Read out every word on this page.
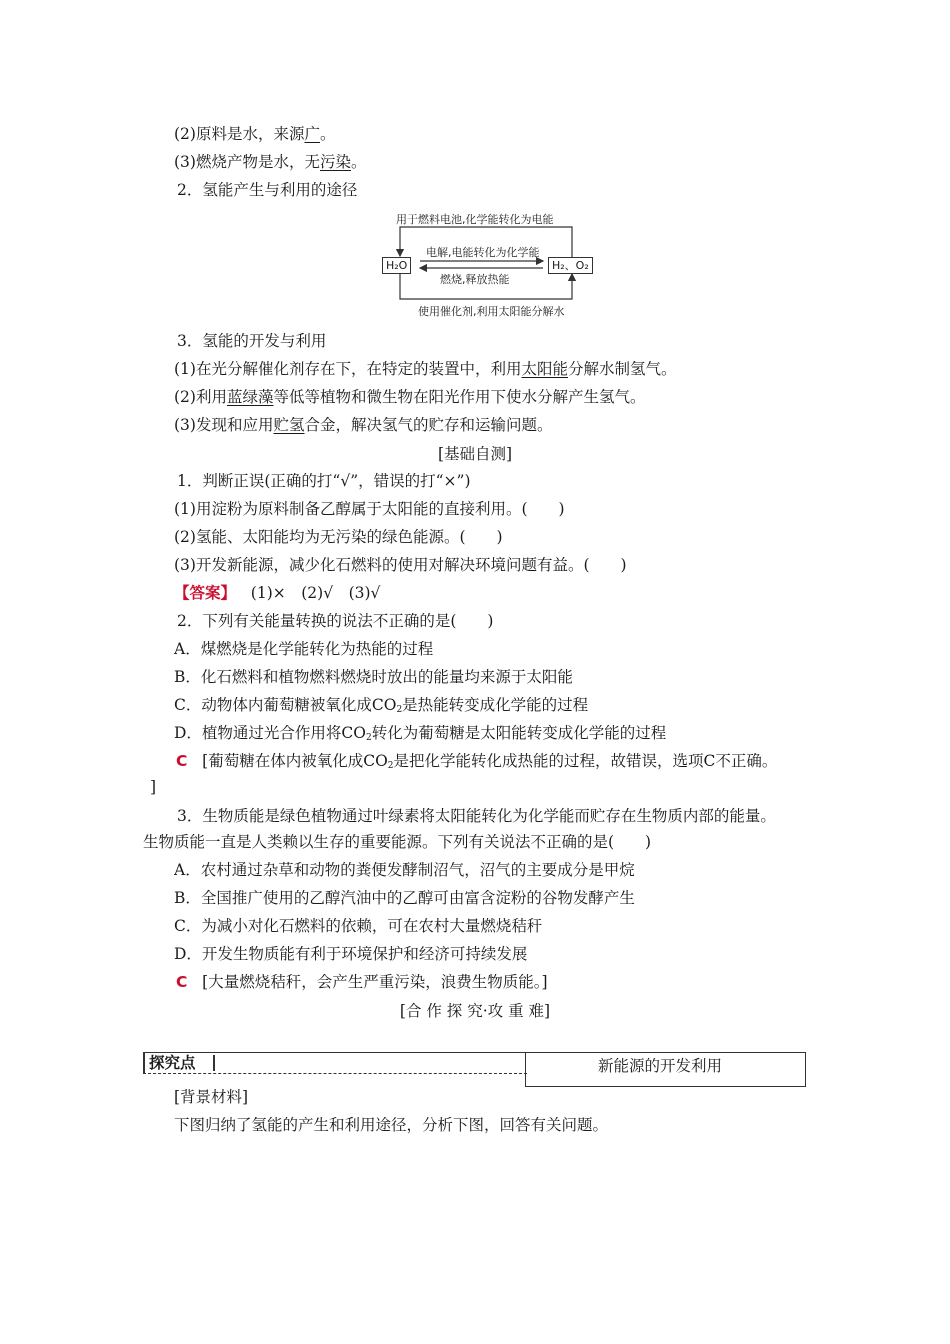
(2)原料是水，来源广。
(3)燃烧产物是水，无污染。
2．氢能产生与利用的途径
用于燃料电池,化学能转化为电能
电解,电能转化为化学能
燃烧,释放热能
使用催化剂,利用太阳能分解水
H₂O	H₂、O₂
3．氢能的开发与利用
(1)在光分解催化剂存在下，在特定的装置中，利用太阳能分解水制氢气。
(2)利用蓝绿藻等低等植物和微生物在阳光作用下使水分解产生氢气。
(3)发现和应用贮氢合金，解决氢气的贮存和运输问题。
[基础自测]
1．判断正误(正确的打“√”，错误的打“×”)
(1)用淀粉为原料制备乙醇属于太阳能的直接利用。(　　)
(2)氢能、太阳能均为无污染的绿色能源。(　　)
(3)开发新能源，减少化石燃料的使用对解决环境问题有益。(　　)
【答案】 (1)×　(2)√　(3)√
2．下列有关能量转换的说法不正确的是(　　)
A．煤燃烧是化学能转化为热能的过程
B．化石燃料和植物燃料燃烧时放出的能量均来源于太阳能
C．动物体内葡萄糖被氧化成$CO_2$是热能转变成化学能的过程
D．植物通过光合作用将$CO_2$转化为葡萄糖是太阳能转变成化学能的过程
C [葡萄糖在体内被氧化成$CO_2$是把化学能转化成热能的过程，故错误，选项C不正确。
]
3．生物质能是绿色植物通过叶绿素将太阳能转化为化学能而贮存在生物质内部的能量。
生物质能一直是人类赖以生存的重要能源。下列有关说法不正确的是(　　)
A．农村通过杂草和动物的粪便发酵制沼气，沼气的主要成分是甲烷
B．全国推广使用的乙醇汽油中的乙醇可由富含淀粉的谷物发酵产生
C．为减小对化石燃料的依赖，可在农村大量燃烧秸秆
D．开发生物质能有利于环境保护和经济可持续发展
C [大量燃烧秸秆，会产生严重污染，浪费生物质能。]
[合 作 探 究·攻 重 难]
探究点	新能源的开发利用
[背景材料]
下图归纳了氢能的产生和利用途径，分析下图，回答有关问题。
